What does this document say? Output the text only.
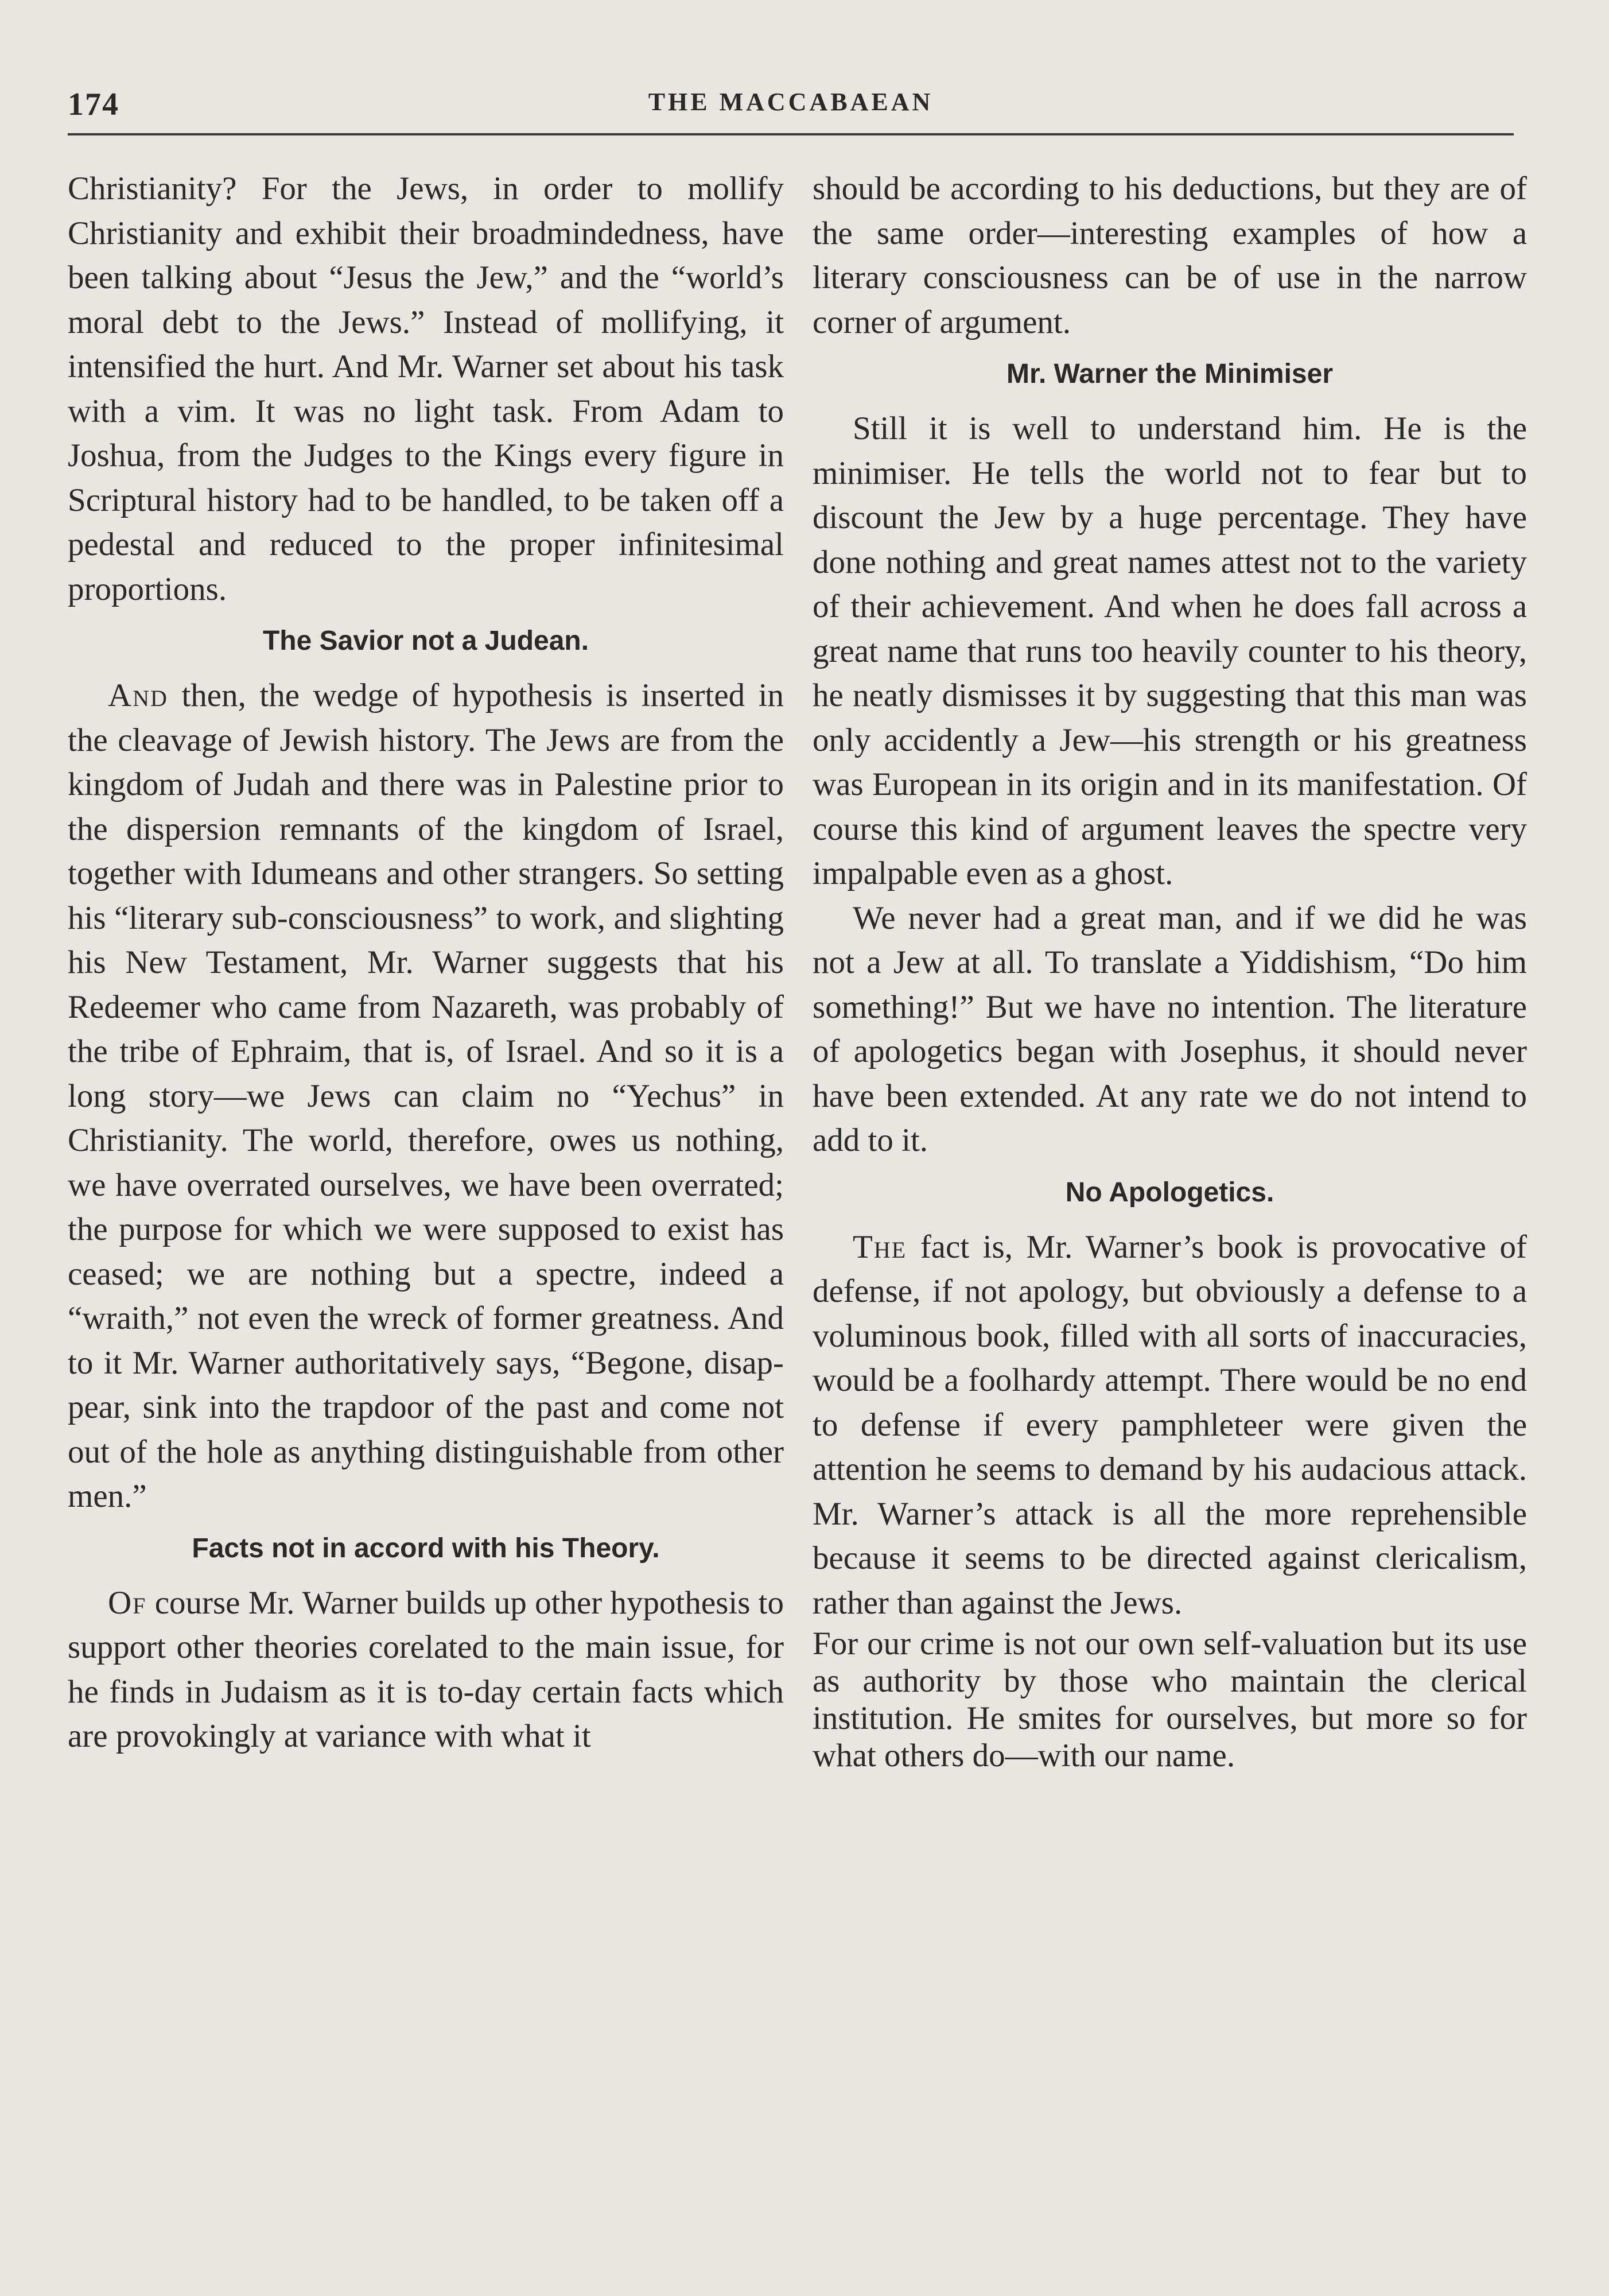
174	THE MACCABAEAN

Christianity? For the Jews, in order to mollify Christianity and exhibit their broadmindedness, have been talking about “Jesus the Jew,” and the “world’s moral debt to the Jews.” Instead of mollifying, it intensified the hurt. And Mr. Warner set about his task with a vim. It was no light task. From Adam to Joshua, from the Judges to the Kings every figure in Scriptural history had to be handled, to be taken off a pedestal and reduced to the proper infinitesimal proportions.

The Savior not a Judean.

And then, the wedge of hypothesis is inserted in the cleavage of Jewish history. The Jews are from the kingdom of Judah and there was in Palestine prior to the dispersion remnants of the kingdom of Israel, together with Idumeans and other strangers. So setting his “literary sub-consciousness” to work, and slighting his New Testament, Mr. Warner suggests that his Redeemer who came from Nazareth, was probably of the tribe of Ephraim, that is, of Israel. And so it is a long story—we Jews can claim no “Yechus” in Christianity. The world, therefore, owes us nothing, we have overrated ourselves, we have been overrated; the purpose for which we were supposed to exist has ceased; we are nothing but a spectre, indeed a “wraith,” not even the wreck of former greatness. And to it Mr. Warner authoritatively says, “Begone, disappear, sink into the trapdoor of the past and come not out of the hole as anything distinguishable from other men.”

Facts not in accord with his Theory.

Of course Mr. Warner builds up other hypothesis to support other theories corelated to the main issue, for he finds in Judaism as it is to-day certain facts which are provokingly at variance with what it

should be according to his deductions, but they are of the same order—interesting examples of how a literary consciousness can be of use in the narrow corner of argument.

Mr. Warner the Minimiser

Still it is well to understand him. He is the minimiser. He tells the world not to fear but to discount the Jew by a huge percentage. They have done nothing and great names attest not to the variety of their achievement. And when he does fall across a great name that runs too heavily counter to his theory, he neatly dismisses it by suggesting that this man was only accidently a Jew—his strength or his greatness was European in its origin and in its manifestation. Of course this kind of argument leaves the spectre very impalpable even as a ghost.

We never had a great man, and if we did he was not a Jew at all. To translate a Yiddishism, “Do him something!” But we have no intention. The literature of apologetics began with Josephus, it should never have been extended. At any rate we do not intend to add to it.

No Apologetics.

The fact is, Mr. Warner’s book is provocative of defense, if not apology, but obviously a defense to a voluminous book, filled with all sorts of inaccuracies, would be a foolhardy attempt. There would be no end to defense if every pamphleteer were given the attention he seems to demand by his audacious attack. Mr. Warner’s attack is all the more reprehensible because it seems to be directed against clericalism, rather than against the Jews.

For our crime is not our own self-valuation but its use as authority by those who maintain the clerical institution. He smites for ourselves, but more so for what others do—with our name.
